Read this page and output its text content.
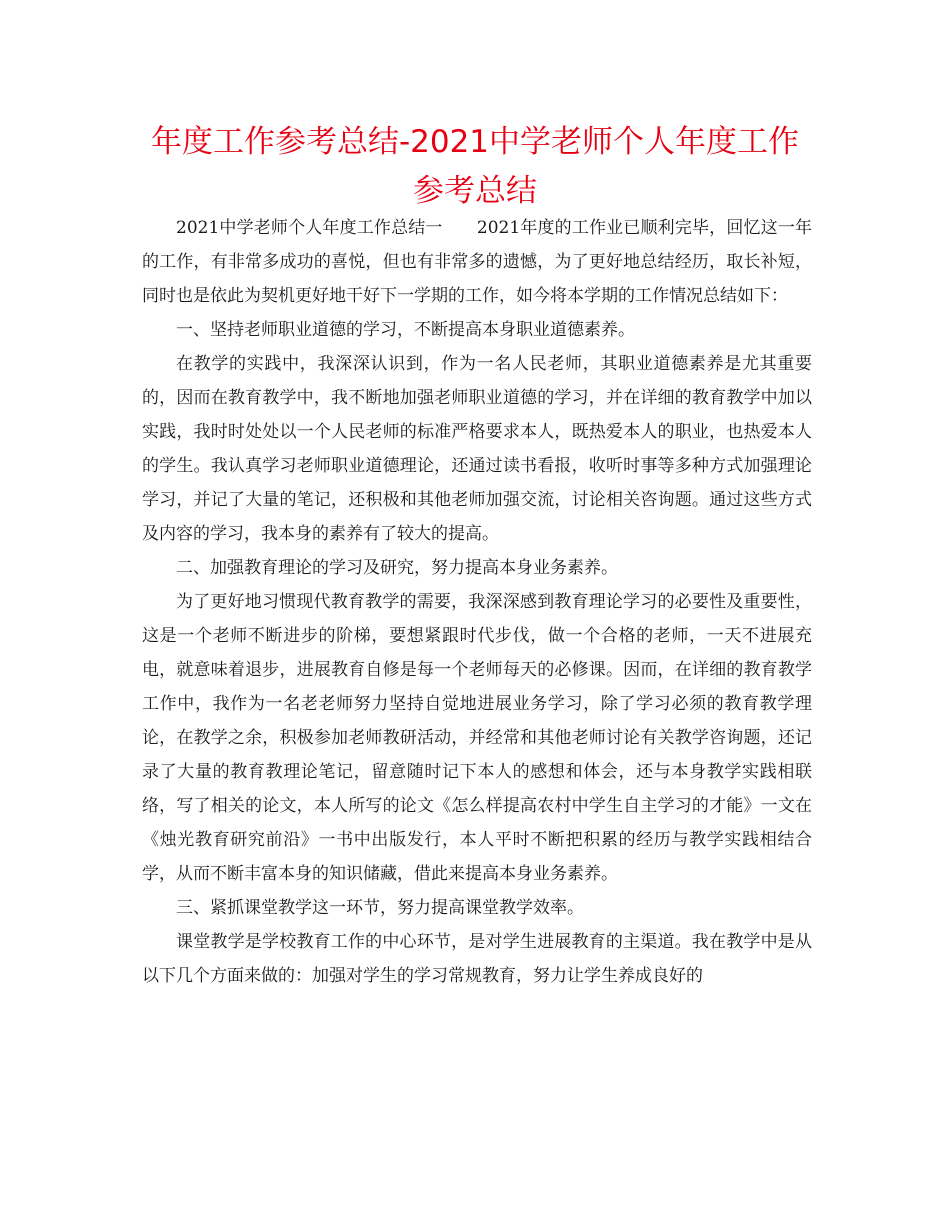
年度工作参考总结-2021中学老师个人年度工作
参考总结

2021中学老师个人年度工作总结一　　2021年度的工作业已顺利完毕，回忆这一年的工作，有非常多成功的喜悦，但也有非常多的遗憾，为了更好地总结经历，取长补短，同时也是依此为契机更好地干好下一学期的工作，如今将本学期的工作情况总结如下：

一、坚持老师职业道德的学习，不断提高本身职业道德素养。

在教学的实践中，我深深认识到，作为一名人民老师，其职业道德素养是尤其重要的，因而在教育教学中，我不断地加强老师职业道德的学习，并在详细的教育教学中加以实践，我时时处处以一个人民老师的标准严格要求本人，既热爱本人的职业，也热爱本人的学生。我认真学习老师职业道德理论，还通过读书看报，收听时事等多种方式加强理论学习，并记了大量的笔记，还积极和其他老师加强交流，讨论相关咨询题。通过这些方式及内容的学习，我本身的素养有了较大的提高。

二、加强教育理论的学习及研究，努力提高本身业务素养。

为了更好地习惯现代教育教学的需要，我深深感到教育理论学习的必要性及重要性，这是一个老师不断进步的阶梯，要想紧跟时代步伐，做一个合格的老师，一天不进展充电，就意味着退步，进展教育自修是每一个老师每天的必修课。因而，在详细的教育教学工作中，我作为一名老老师努力坚持自觉地进展业务学习，除了学习必须的教育教学理论，在教学之余，积极参加老师教研活动，并经常和其他老师讨论有关教学咨询题，还记录了大量的教育教理论笔记，留意随时记下本人的感想和体会，还与本身教学实践相联络，写了相关的论文，本人所写的论文《怎么样提高农村中学生自主学习的才能》一文在《烛光教育研究前沿》一书中出版发行，本人平时不断把积累的经历与教学实践相结合学，从而不断丰富本身的知识储藏，借此来提高本身业务素养。

三、紧抓课堂教学这一环节，努力提高课堂教学效率。

课堂教学是学校教育工作的中心环节，是对学生进展教育的主渠道。我在教学中是从以下几个方面来做的：加强对学生的学习常规教育，努力让学生养成良好的
